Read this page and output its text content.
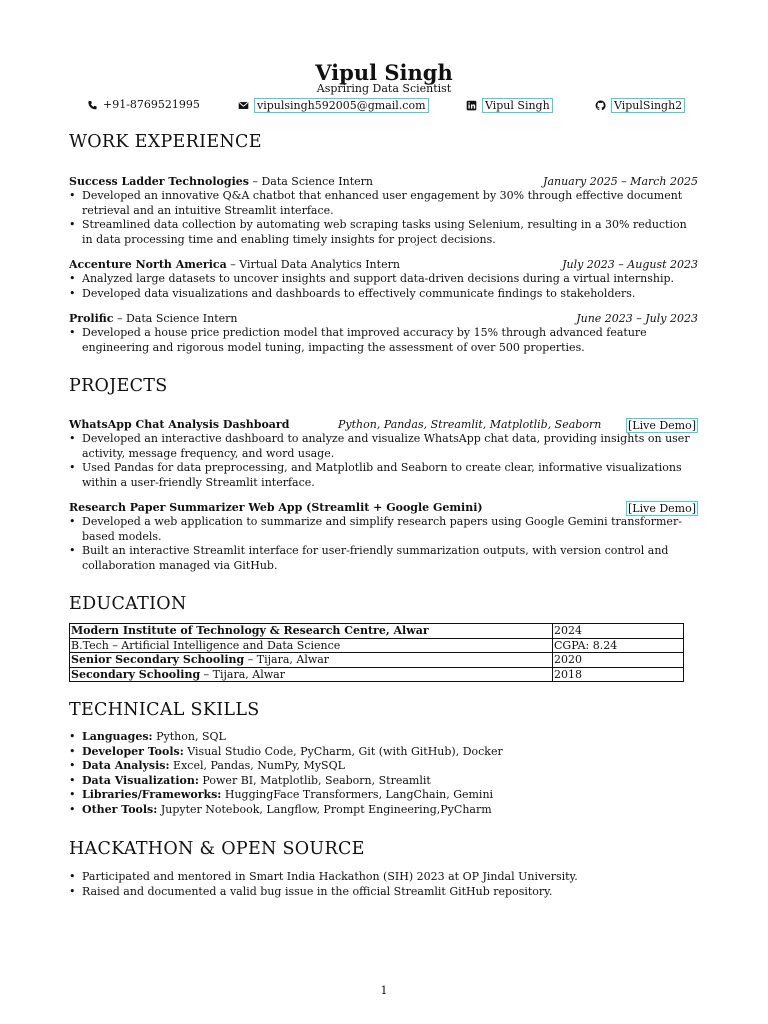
Vipul Singh
Aspriring Data Scientist
+91-8769521995	vipulsingh592005@gmail.com	Vipul Singh	VipulSingh2
WORK EXPERIENCE
Success Ladder Technologies – Data Science Intern	January 2025 – March 2025
• Developed an innovative Q&A chatbot that enhanced user engagement by 30% through effective document retrieval and an intuitive Streamlit interface.
• Streamlined data collection by automating web scraping tasks using Selenium, resulting in a 30% reduction in data processing time and enabling timely insights for project decisions.
Accenture North America – Virtual Data Analytics Intern	July 2023 – August 2023
• Analyzed large datasets to uncover insights and support data-driven decisions during a virtual internship.
• Developed data visualizations and dashboards to effectively communicate findings to stakeholders.
Prolific – Data Science Intern	June 2023 – July 2023
• Developed a house price prediction model that improved accuracy by 15% through advanced feature engineering and rigorous model tuning, impacting the assessment of over 500 properties.
PROJECTS
WhatsApp Chat Analysis Dashboard	Python, Pandas, Streamlit, Matplotlib, Seaborn [Live Demo]
• Developed an interactive dashboard to analyze and visualize WhatsApp chat data, providing insights on user activity, message frequency, and word usage.
• Used Pandas for data preprocessing, and Matplotlib and Seaborn to create clear, informative visualizations within a user-friendly Streamlit interface.
Research Paper Summarizer Web App (Streamlit + Google Gemini)	[Live Demo]
• Developed a web application to summarize and simplify research papers using Google Gemini transformer-based models.
• Built an interactive Streamlit interface for user-friendly summarization outputs, with version control and collaboration managed via GitHub.
EDUCATION
Modern Institute of Technology & Research Centre, Alwar	2024
B.Tech – Artificial Intelligence and Data Science	CGPA: 8.24
Senior Secondary Schooling – Tijara, Alwar	2020
Secondary Schooling – Tijara, Alwar	2018
TECHNICAL SKILLS
• Languages: Python, SQL
• Developer Tools: Visual Studio Code, PyCharm, Git (with GitHub), Docker
• Data Analysis: Excel, Pandas, NumPy, MySQL
• Data Visualization: Power BI, Matplotlib, Seaborn, Streamlit
• Libraries/Frameworks: HuggingFace Transformers, LangChain, Gemini
• Other Tools: Jupyter Notebook, Langflow, Prompt Engineering,PyCharm
HACKATHON & OPEN SOURCE
• Participated and mentored in Smart India Hackathon (SIH) 2023 at OP Jindal University.
• Raised and documented a valid bug issue in the official Streamlit GitHub repository.
1
